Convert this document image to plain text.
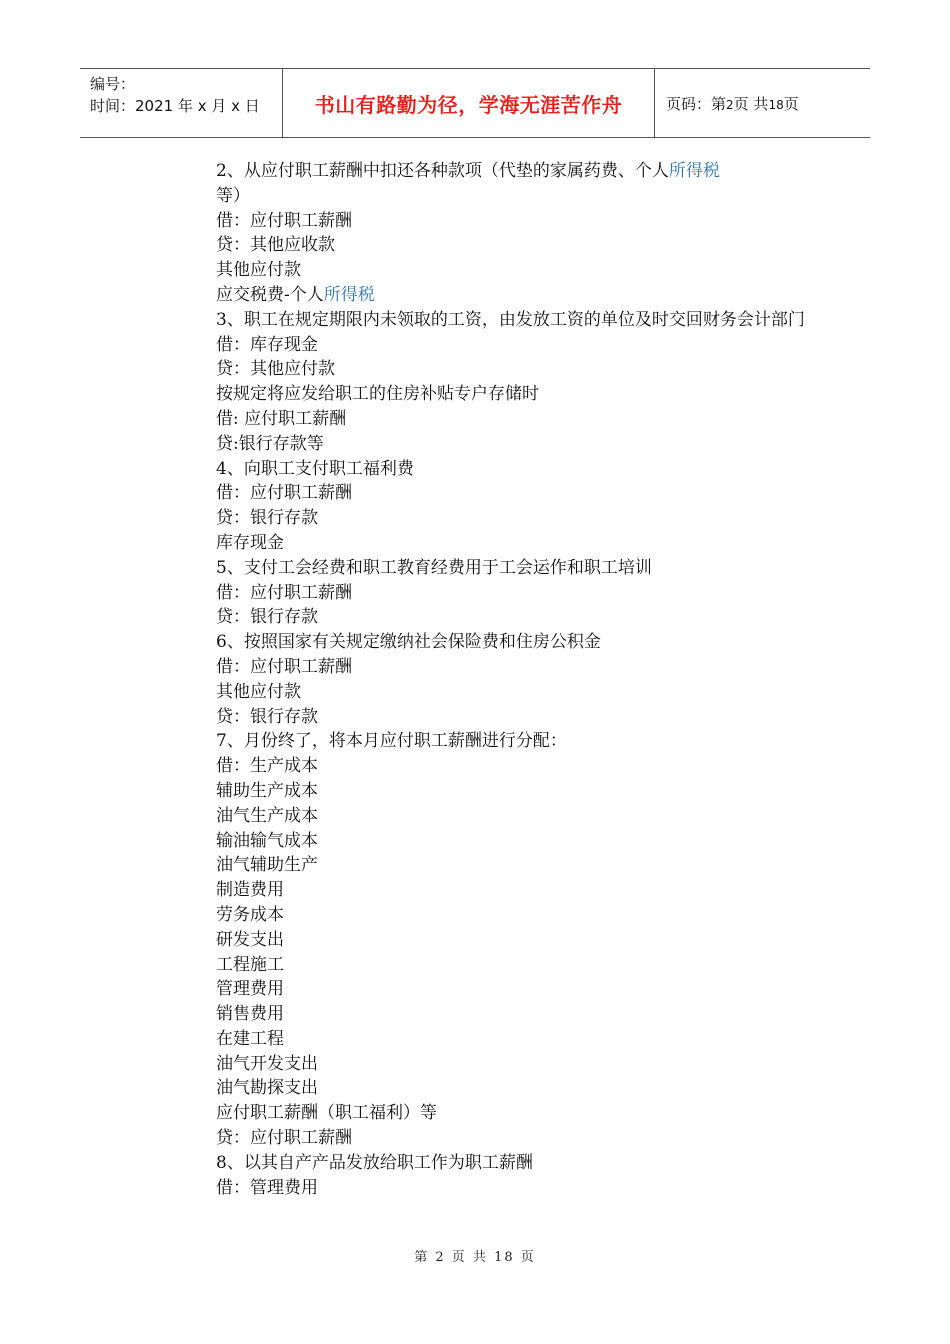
编号：
时间：2021 年 x 月 x 日	书山有路勤为径，学海无涯苦作舟	页码：第2页 共18页
2、从应付职工薪酬中扣还各种款项（代垫的家属药费、个人所得税
等）
借：应付职工薪酬
贷：其他应收款
其他应付款
应交税费-个人所得税
3、职工在规定期限内未领取的工资，由发放工资的单位及时交回财务会计部门
借：库存现金
贷：其他应付款
按规定将应发给职工的住房补贴专户存储时
借: 应付职工薪酬
贷:银行存款等
4、向职工支付职工福利费
借：应付职工薪酬
贷：银行存款
库存现金
5、支付工会经费和职工教育经费用于工会运作和职工培训
借：应付职工薪酬
贷：银行存款
6、按照国家有关规定缴纳社会保险费和住房公积金
借：应付职工薪酬
其他应付款
贷：银行存款
7、月份终了，将本月应付职工薪酬进行分配：
借：生产成本
辅助生产成本
油气生产成本
输油输气成本
油气辅助生产
制造费用
劳务成本
研发支出
工程施工
管理费用
销售费用
在建工程
油气开发支出
油气勘探支出
应付职工薪酬（职工福利）等
贷：应付职工薪酬
8、以其自产产品发放给职工作为职工薪酬
借：管理费用
第 2 页 共 18 页
